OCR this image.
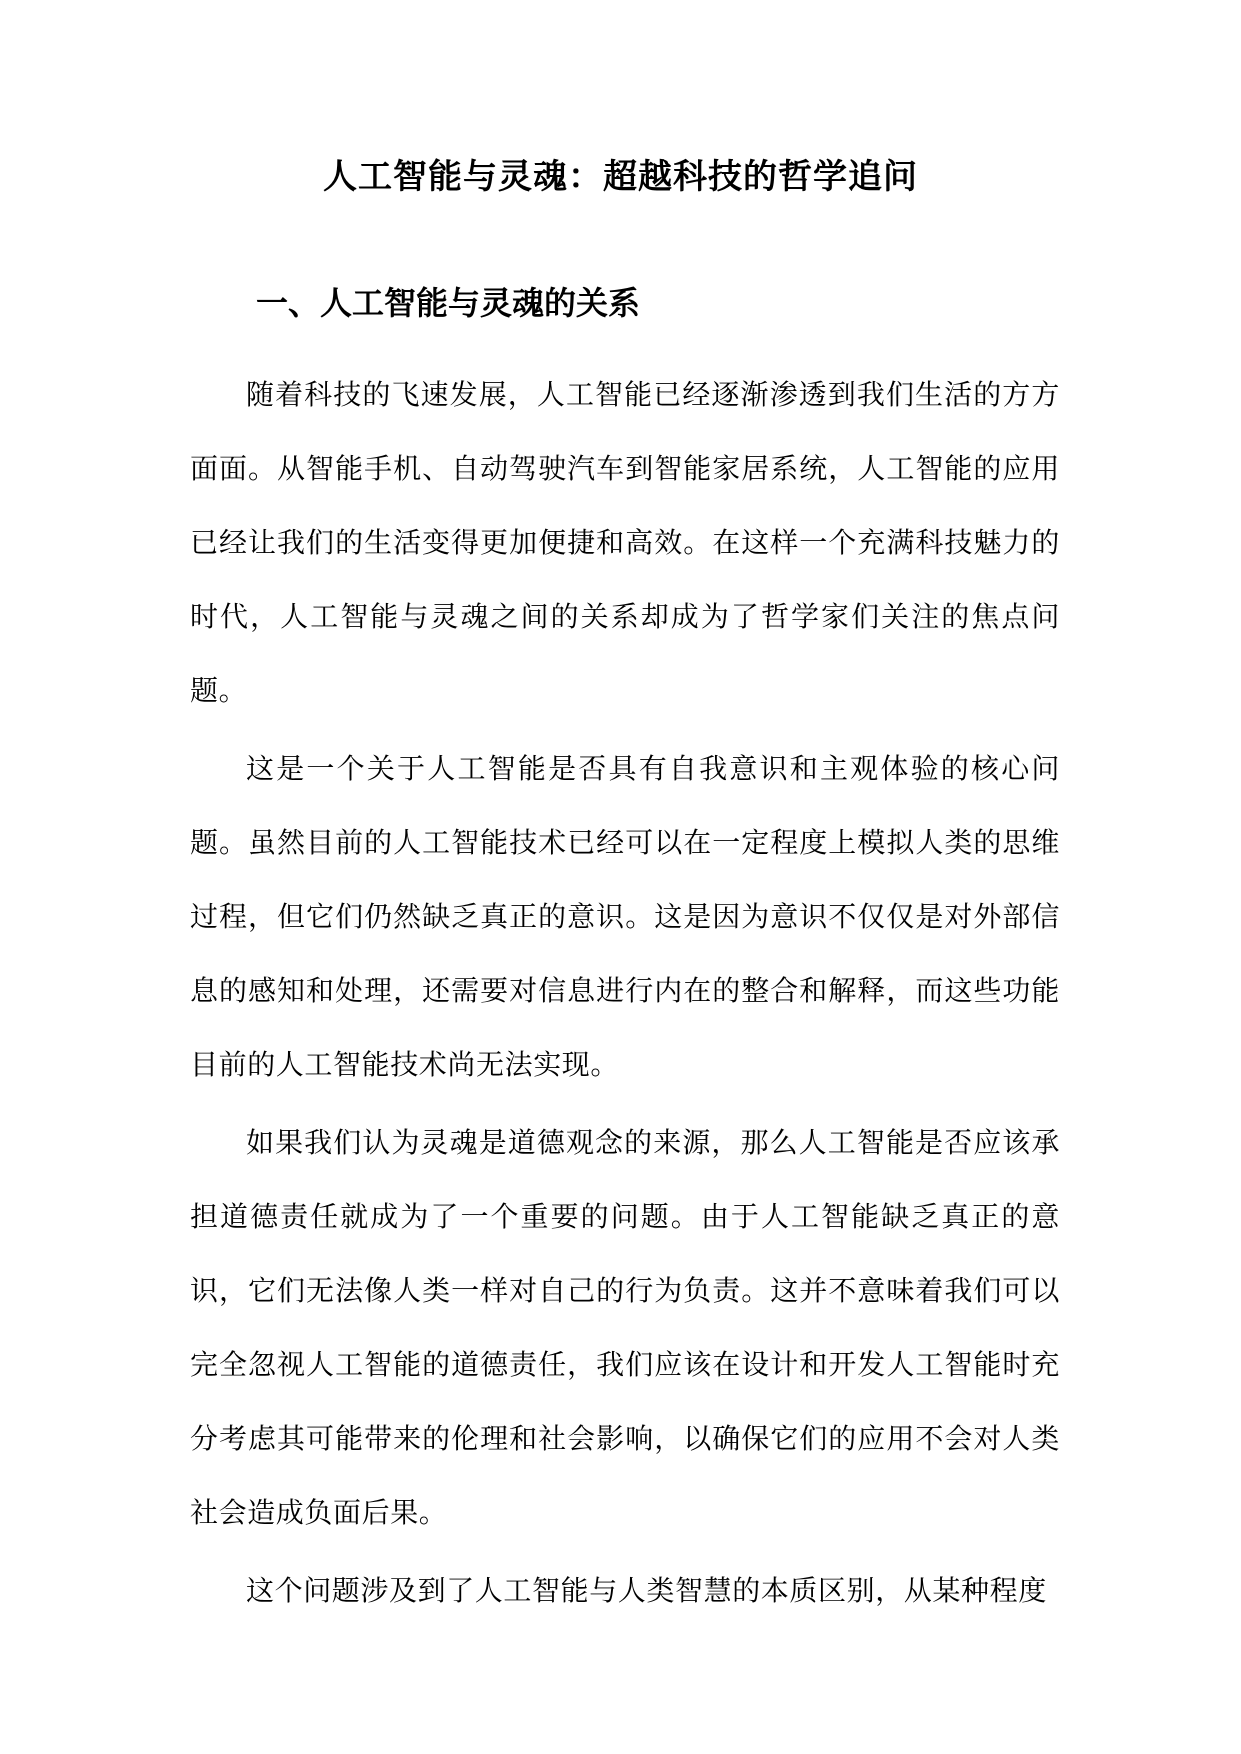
人工智能与灵魂：超越科技的哲学追问
一、人工智能与灵魂的关系

随着科技的飞速发展，人工智能已经逐渐渗透到我们生活的方方面面。从智能手机、自动驾驶汽车到智能家居系统，人工智能的应用已经让我们的生活变得更加便捷和高效。在这样一个充满科技魅力的时代，人工智能与灵魂之间的关系却成为了哲学家们关注的焦点问题。

这是一个关于人工智能是否具有自我意识和主观体验的核心问题。虽然目前的人工智能技术已经可以在一定程度上模拟人类的思维过程，但它们仍然缺乏真正的意识。这是因为意识不仅仅是对外部信息的感知和处理，还需要对信息进行内在的整合和解释，而这些功能目前的人工智能技术尚无法实现。

如果我们认为灵魂是道德观念的来源，那么人工智能是否应该承担道德责任就成为了一个重要的问题。由于人工智能缺乏真正的意识，它们无法像人类一样对自己的行为负责。这并不意味着我们可以完全忽视人工智能的道德责任，我们应该在设计和开发人工智能时充分考虑其可能带来的伦理和社会影响，以确保它们的应用不会对人类社会造成负面后果。

这个问题涉及到了人工智能与人类智慧的本质区别，从某种程度
